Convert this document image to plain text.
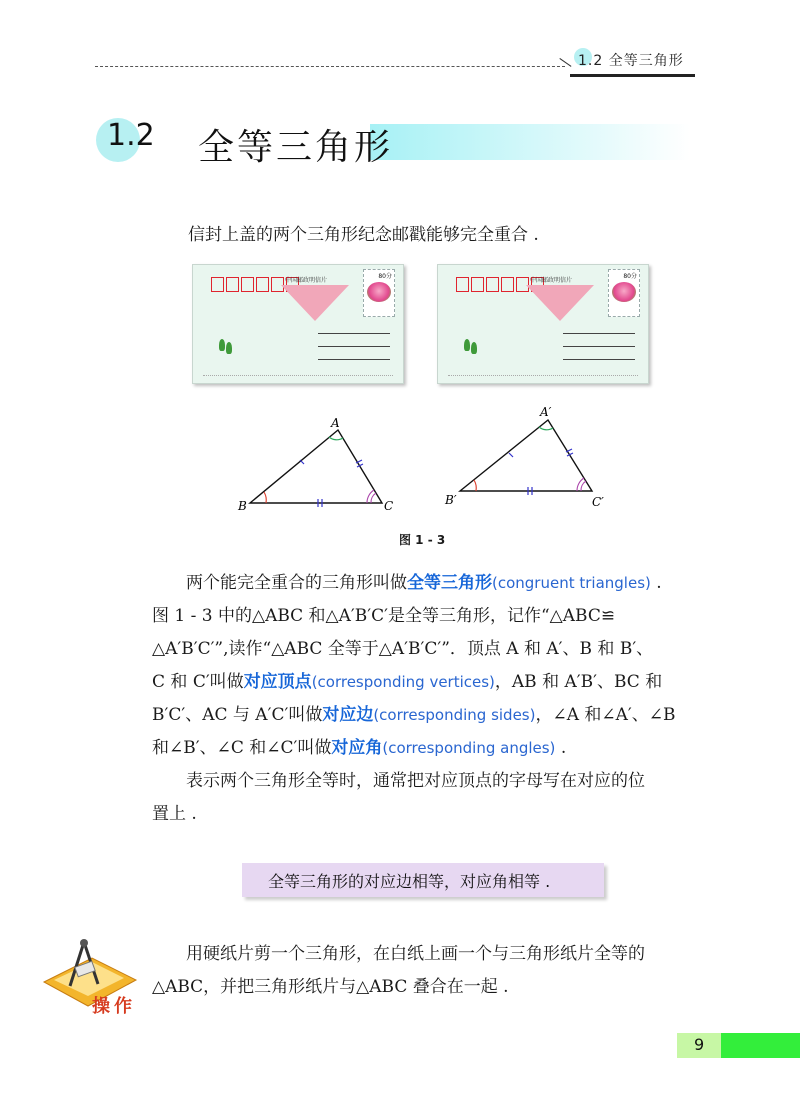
1.2 全等三角形
1.2 全等三角形
信封上盖的两个三角形纪念邮戳能够完全重合 .
中国邮政明信片
80分
中国邮政明信片
80分
A
B	C
A′
B′	C′
图 1 - 3
两个能完全重合的三角形叫做全等三角形(congruent triangles) .
图 1 - 3 中的△ABC 和△A′B′C′是全等三角形，记作“△ABC≌
△A′B′C′”,读作“△ABC 全等于△A′B′C′”．顶点 A 和 A′、B 和 B′、
C 和 C′叫做对应顶点(corresponding vertices)，AB 和 A′B′、BC 和
B′C′、AC 与 A′C′叫做对应边(corresponding sides)，∠A 和∠A′、∠B
和∠B′、∠C 和∠C′叫做对应角(corresponding angles) .
表示两个三角形全等时，通常把对应顶点的字母写在对应的位
置上 .
全等三角形的对应边相等，对应角相等 .
操作
用硬纸片剪一个三角形，在白纸上画一个与三角形纸片全等的
△ABC，并把三角形纸片与△ABC 叠合在一起 .
9
